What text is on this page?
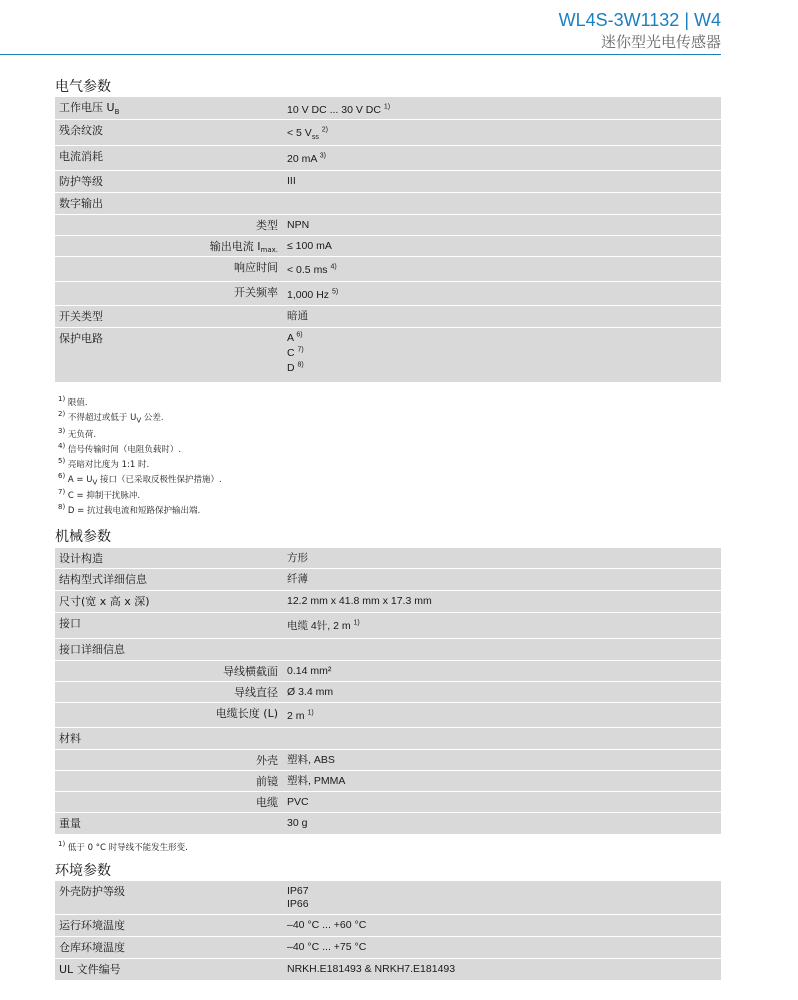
WL4S-3W1132 | W4
迷你型光电传感器
电气参数
工作电压 $U_B$	10 V DC ... 30 V DC $^{1)}$
残余纹波	< 5 $V_{ss}$ $^{2)}$
电流消耗	20 mA $^{3)}$
防护等级	III
数字输出
类型 NPN
输出电流 Imax. ≤ 100 mA
响应时间 < 0.5 ms $^{4)}$
开关频率 1,000 Hz $^{5)}$
开关类型	暗通
保护电路	A $^{6)}$
C $^{7)}$
D $^{8)}$
$^{1)}$ 限值.
$^{2)}$ 不得超过或低于 $U_V$ 公差.
$^{3)}$ 无负荷.
$^{4)}$ 信号传输时间（电阻负载时）.
$^{5)}$ 亮暗对比度为 1:1 时.
$^{6)}$ $A = U_V$ 接口（已采取反极性保护措施）.
$^{7)}$ C = 抑制干扰脉冲.
$^{8)}$ D = 抗过载电流和短路保护输出端.
机械参数
设计构造	方形
结构型式详细信息	纤薄
尺寸(宽 x 高 x 深)	12.2 mm x 41.8 mm x 17.3 mm
接口	电缆 4针, 2 m $^{1)}$
接口详细信息
导线横截面 0.14 mm²
导线直径 Ø 3.4 mm
电缆长度 (L) 2 m $^{1)}$
材料
外壳 塑料, ABS
前镜 塑料, PMMA
电缆 PVC
重量	30 g
$^{1)}$ 低于 0 °C 时导线不能发生形变.
环境参数
外壳防护等级	IP67
IP66
运行环境温度	–40 °C ... +60 °C
仓库环境温度	–40 °C ... +75 °C
UL 文件编号	NRKH.E181493 & NRKH7.E181493
